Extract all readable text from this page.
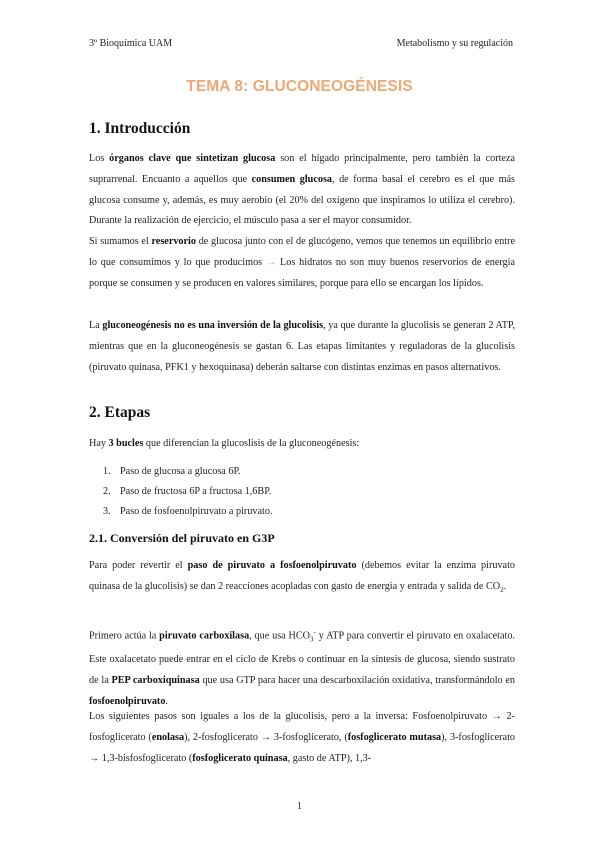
3º Bioquímica UAM	Metabolismo y su regulación
TEMA 8: GLUCONEOGÉNESIS
1. Introducción
Los órganos clave que sintetizan glucosa son el hígado principalmente, pero también la corteza suprarrenal. Encuanto a aquellos que consumen glucosa, de forma basal el cerebro es el que más glucosa consume y, además, es muy aerobio (el 20% del oxígeno que inspiramos lo utiliza el cerebro). Durante la realización de ejercicio, el músculo pasa a ser el mayor consumidor.
Si sumamos el reservorio de glucosa junto con el de glucógeno, vemos que tenemos un equilibrio entre lo que consumimos y lo que producimos → Los hidratos no son muy buenos reservorios de energía porque se consumen y se producen en valores similares, porque para ello se encargan los lípidos.
La gluconeogénesis no es una inversión de la glucolisis, ya que durante la glucolisis se generan 2 ATP, mientras que en la gluconeogénesis se gastan 6. Las etapas limitantes y reguladoras de la glucolisis (piruvato quinasa, PFK1 y hexoquinasa) deberán saltarse con distintas enzimas en pasos alternativos.
2. Etapas
Hay 3 bucles que diferencian la glucoslisis de la gluconeogénesis:
1. Paso de glucosa a glucosa 6P.
2. Paso de fructosa 6P a fructosa 1,6BP.
3. Paso de fosfoenolpiruvato a piruvato.
2.1. Conversión del piruvato en G3P
Para poder revertir el paso de piruvato a fosfoenolpiruvato (debemos evitar la enzima piruvato quinasa de la glucolisis) se dan 2 reacciones acopladas con gasto de energía y entrada y salida de $CO_2$.
Primero actúa la piruvato carboxilasa, que usa $HCO_3^-$ y ATP para convertir el piruvato en oxalacetato. Este oxalacetato puede entrar en el ciclo de Krebs o continuar en la síntesis de glucosa, siendo sustrato de la PEP carboxiquinasa que usa GTP para hacer una descarboxilación oxidativa, transformándolo en fosfoenolpiruvato.
Los siguientes pasos son iguales a los de la glucolisis, pero a la inversa: Fosfoenolpiruvato → 2-fosfoglicerato (enolasa), 2-fosfoglicerato → 3-fosfoglicerato, (fosfoglicerato mutasa), 3-fosfoglicerato → 1,3-bisfosfoglicerato (fosfoglicerato quinasa, gasto de ATP), 1,3-
1
